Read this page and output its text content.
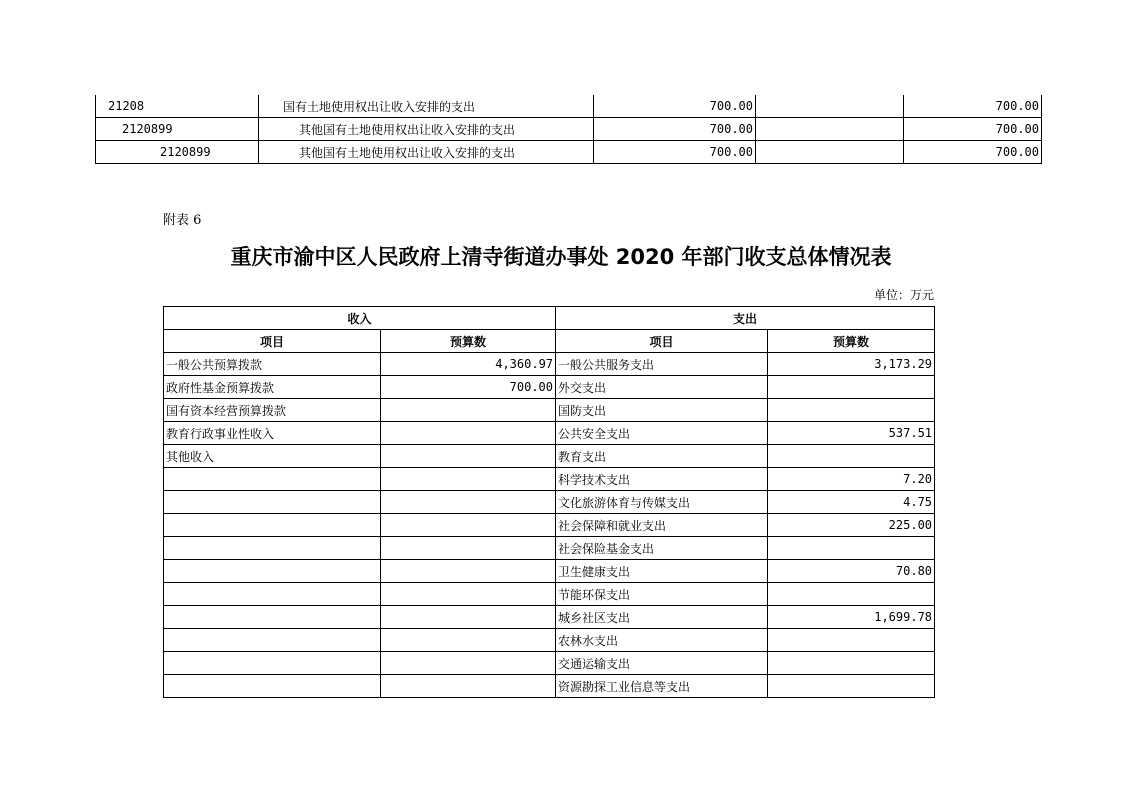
21208	国有土地使用权出让收入安排的支出	700.00		700.00
2120899	其他国有土地使用权出让收入安排的支出	700.00		700.00
2120899	其他国有土地使用权出让收入安排的支出	700.00		700.00
附表 6
重庆市渝中区人民政府上清寺街道办事处 2020 年部门收支总体情况表
单位：万元
收入		支出	
项目	预算数	项目	预算数
一般公共预算拨款	4,360.97	一般公共服务支出	3,173.29
政府性基金预算拨款	700.00	外交支出	
国有资本经营预算拨款		国防支出	
教育行政事业性收入		公共安全支出	537.51
其他收入		教育支出	
		科学技术支出	7.20
		文化旅游体育与传媒支出	4.75
		社会保障和就业支出	225.00
		社会保险基金支出	
		卫生健康支出	70.80
		节能环保支出	
		城乡社区支出	1,699.78
		农林水支出	
		交通运输支出	
		资源勘探工业信息等支出	
